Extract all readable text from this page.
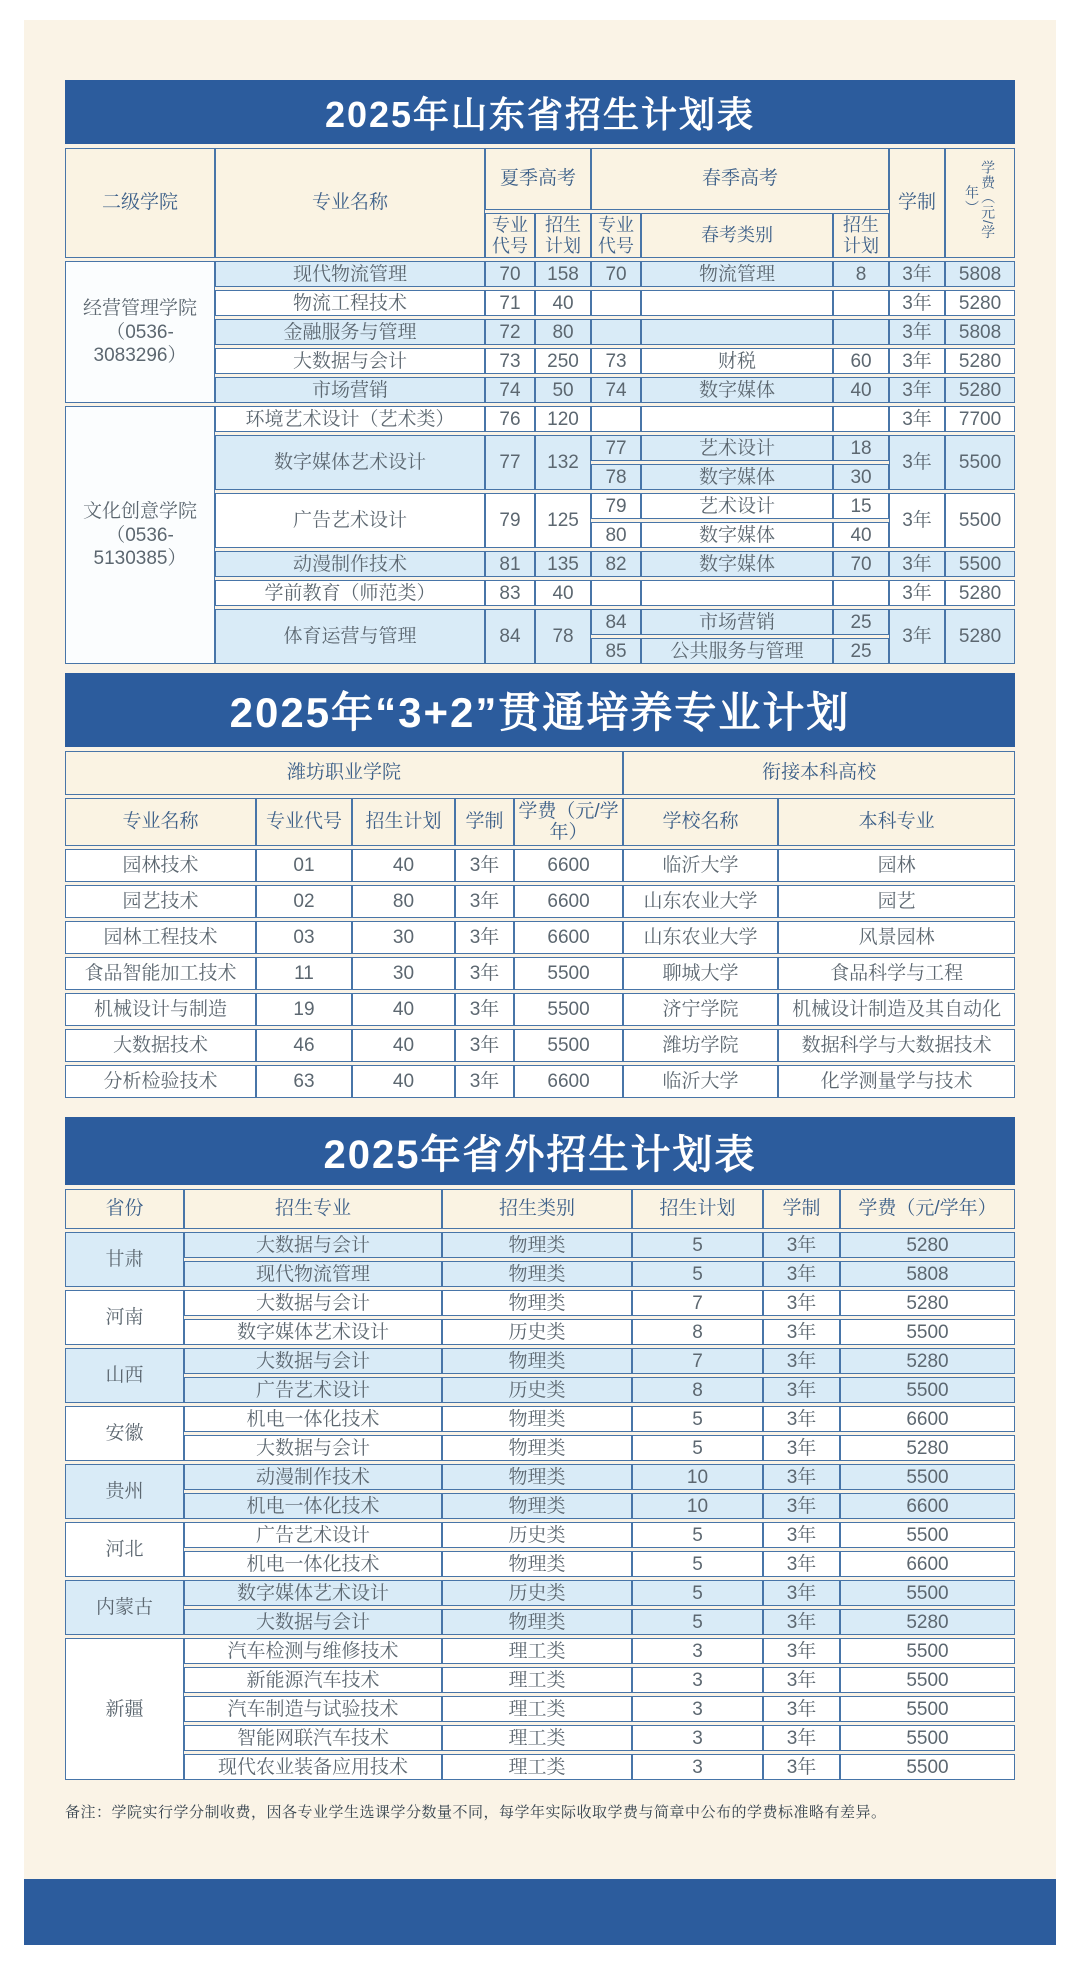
2025年山东省招生计划表
二级学院	专业名称	夏季高考		春季高考			学制	学费（元/学年）
		专业代号	招生计划	专业代号	春考类别	招生计划		

经营管理学院
（0536-3083296）	现代物流管理	70	158	70	物流管理	8	3年	5808
	物流工程技术	71	40				3年	5280
	金融服务与管理	72	80				3年	5808
	大数据与会计	73	250	73	财税	60	3年	5280
	市场营销	74	50	74	数字媒体	40	3年	5280

文化创意学院
（0536-5130385）	环境艺术设计（艺术类）	76	120				3年	7700
	数字媒体艺术设计	77	132	77	艺术设计	18	3年	5500
				78	数字媒体	30		
	广告艺术设计	79	125	79	艺术设计	15	3年	5500
				80	数字媒体	40		
	动漫制作技术	81	135	82	数字媒体	70	3年	5500
	学前教育（师范类）	83	40				3年	5280
	体育运营与管理	84	78	84	市场营销	25	3年	5280
				85	公共服务与管理	25		
2025年“3+2”贯通培养专业计划
潍坊职业学院					衔接本科高校	
专业名称	专业代号	招生计划	学制	学费（元/学年）	学校名称	本科专业
园林技术	01	40	3年	6600	临沂大学	园林
园艺技术	02	80	3年	6600	山东农业大学	园艺
园林工程技术	03	30	3年	6600	山东农业大学	风景园林
食品智能加工技术	11	30	3年	5500	聊城大学	食品科学与工程
机械设计与制造	19	40	3年	5500	济宁学院	机械设计制造及其自动化
大数据技术	46	40	3年	5500	潍坊学院	数据科学与大数据技术
分析检验技术	63	40	3年	6600	临沂大学	化学测量学与技术
2025年省外招生计划表
省份	招生专业	招生类别	招生计划	学制	学费（元/学年）
甘肃	大数据与会计	物理类	5	3年	5280
	现代物流管理	物理类	5	3年	5808
河南	大数据与会计	物理类	7	3年	5280
	数字媒体艺术设计	历史类	8	3年	5500
山西	大数据与会计	物理类	7	3年	5280
	广告艺术设计	历史类	8	3年	5500
安徽	机电一体化技术	物理类	5	3年	6600
	大数据与会计	物理类	5	3年	5280
贵州	动漫制作技术	物理类	10	3年	5500
	机电一体化技术	物理类	10	3年	6600
河北	广告艺术设计	历史类	5	3年	5500
	机电一体化技术	物理类	5	3年	6600
内蒙古	数字媒体艺术设计	历史类	5	3年	5500
	大数据与会计	物理类	5	3年	5280
新疆	汽车检测与维修技术	理工类	3	3年	5500
	新能源汽车技术	理工类	3	3年	5500
	汽车制造与试验技术	理工类	3	3年	5500
	智能网联汽车技术	理工类	3	3年	5500
	现代农业装备应用技术	理工类	3	3年	5500
备注：学院实行学分制收费，因各专业学生选课学分数量不同，每学年实际收取学费与简章中公布的学费标准略有差异。
